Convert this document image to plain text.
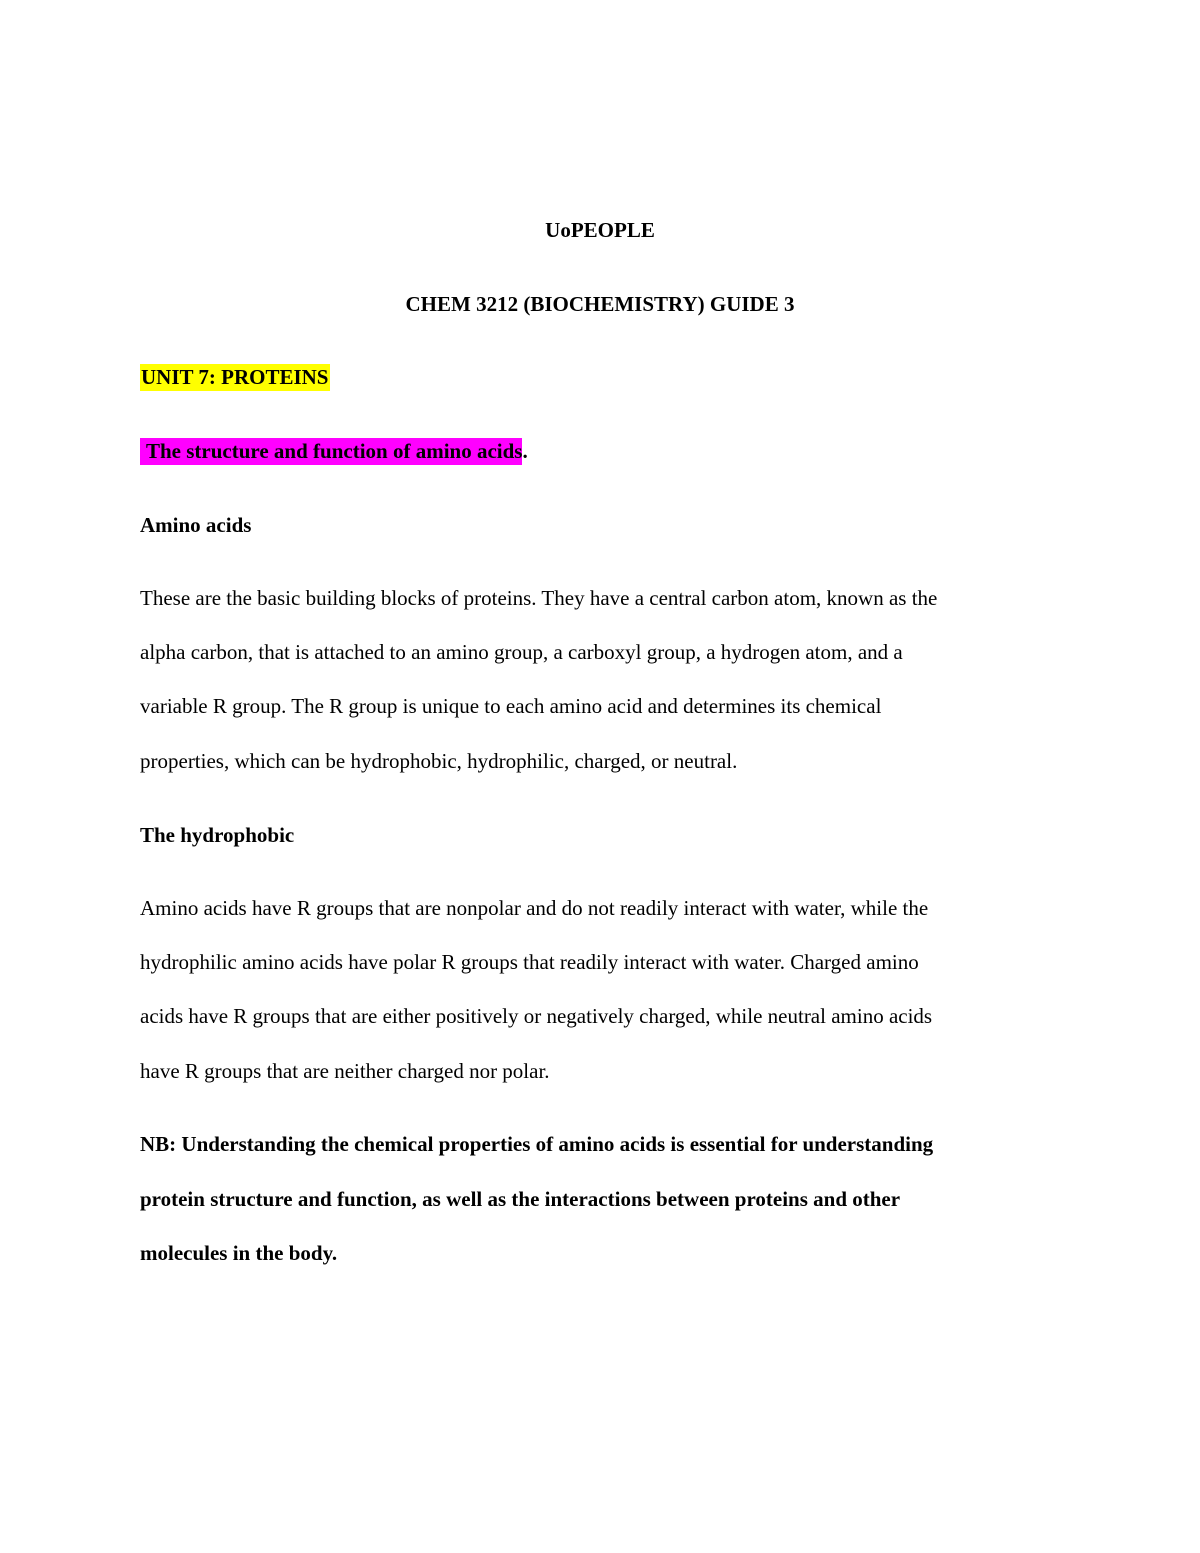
UoPEOPLE
CHEM 3212 (BIOCHEMISTRY) GUIDE 3
UNIT 7: PROTEINS
The structure and function of amino acids.
Amino acids
These are the basic building blocks of proteins. They have a central carbon atom, known as the
alpha carbon, that is attached to an amino group, a carboxyl group, a hydrogen atom, and a
variable R group. The R group is unique to each amino acid and determines its chemical
properties, which can be hydrophobic, hydrophilic, charged, or neutral.
The hydrophobic
Amino acids have R groups that are nonpolar and do not readily interact with water, while the
hydrophilic amino acids have polar R groups that readily interact with water. Charged amino
acids have R groups that are either positively or negatively charged, while neutral amino acids
have R groups that are neither charged nor polar.
NB: Understanding the chemical properties of amino acids is essential for understanding
protein structure and function, as well as the interactions between proteins and other
molecules in the body.
